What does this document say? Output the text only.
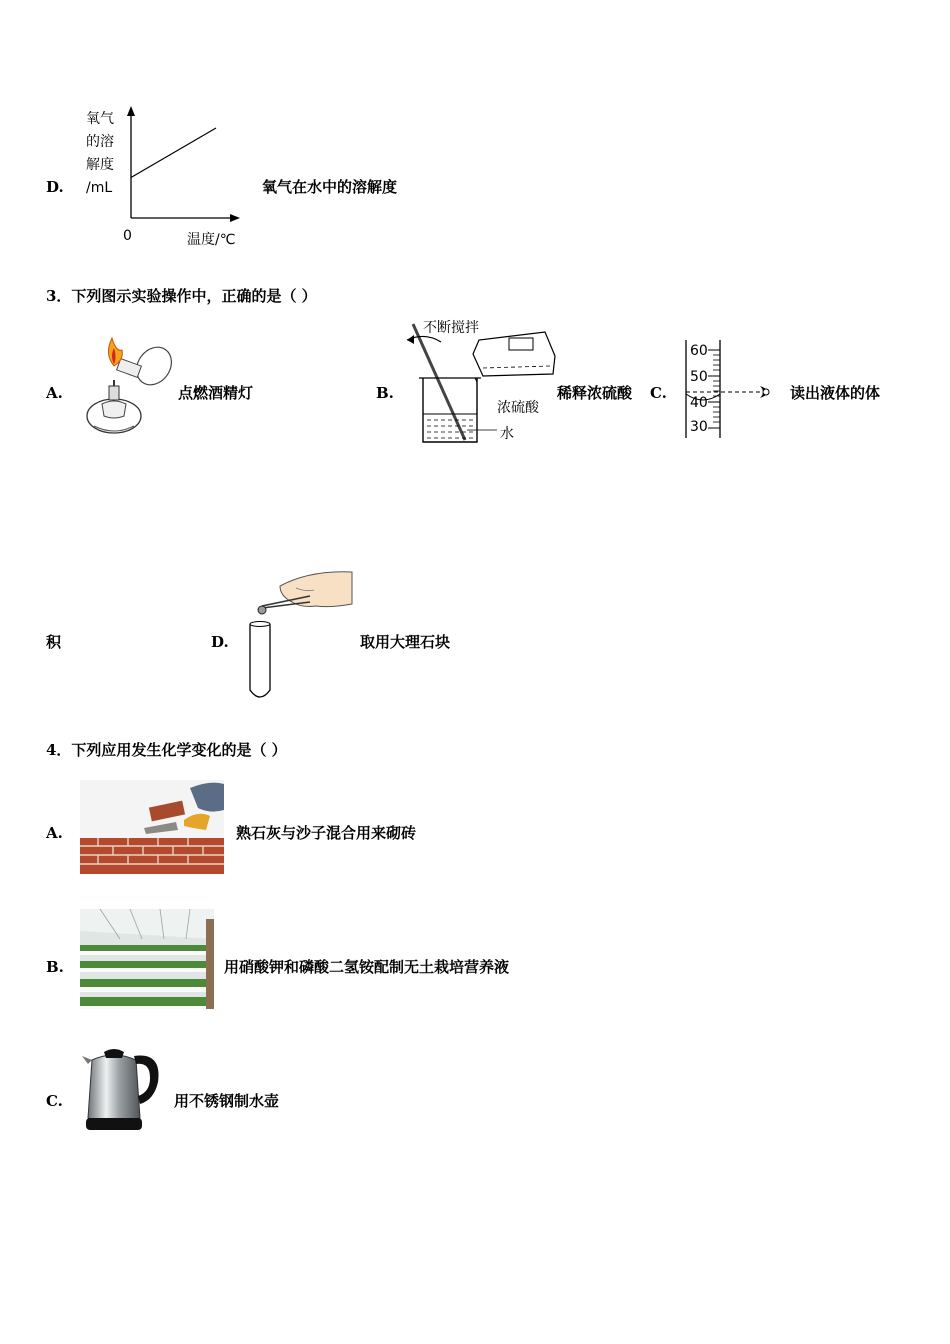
D.
氧气
的溶
解度
/mL
0	温度/℃
氧气在水中的溶解度
3．下列图示实验操作中，正确的是（ ）
A.	点燃酒精灯	B.
不断搅拌
浓硫酸
水
稀释浓硫酸 C.
60
50
40
30
读出液体的体
积	D.	取用大理石块
4．下列应用发生化学变化的是（ ）
A.	熟石灰与沙子混合用来砌砖
B.	用硝酸钾和磷酸二氢铵配制无土栽培营养液
C.	用不锈钢制水壶
